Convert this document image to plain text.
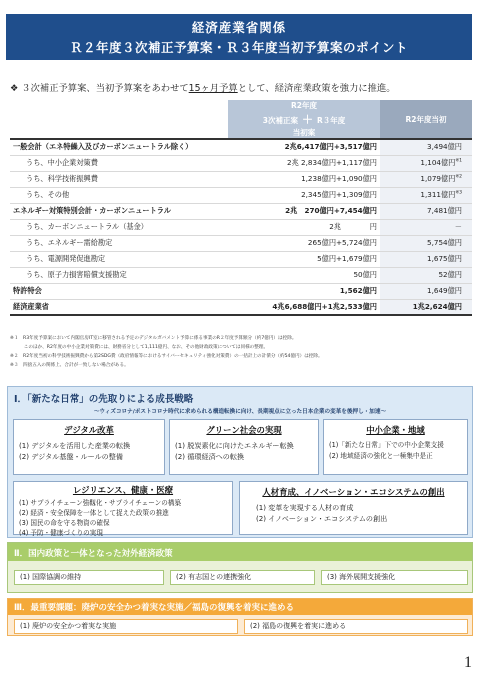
経済産業省関係
Ｒ２年度３次補正予算案・Ｒ３年度当初予算案のポイント
❖ ３次補正予算案、当初予算案をあわせて15ヶ月予算として、経済産業政策を強力に推進。
	R2年度
3次補正案 ＋ R３年度
当初案	R2年度当初
一般会計（エネ特繰入及びカーボンニュートラル除く）	2兆6,417億円+3,517億円	3,494億円
うち、中小企業対策費	2兆 2,834億円+1,117億円	1,104億円$^{※1}$
うち、科学技術振興費	1,238億円+1,090億円	1,079億円$^{※2}$
うち、その他	2,345億円+1,309億円	1,311億円$^{※3}$
エネルギー対策特別会計・カーボンニュートラル	2兆　270億円+7,454億円	7,481億円
うち、カーボンニュートラル（基金）	2兆　　　　円	－
うち、エネルギー需給勘定	265億円+5,724億円	5,754億円
うち、電源開発促進勘定	5億円+1,679億円	1,675億円
うち、原子力損害賠償支援勘定	50億円	52億円
特許特会	1,562億円	1,649億円
経済産業省	4兆6,688億円+1兆2,533億円	1兆2,624億円
※１　R3年度予算案において内閣官房IT室に移管される予定のデジタルガバメント予算に係る事業のR２年度予算額分（約7億円）は控除。
　　　このほか、R2年度の中小企業対策費には、財務省分として1,111億円、なお、その他財政政策については同様の整理。
※２　R2年度当初の科学技術振興費から第2SDG費（政府情報等におけるサイバーセキュリティ強化対策費）の一括計上の計債分（約54億円）は控除。
※３　四捨五入の関係上、合計が一致しない場合がある。
Ⅰ．「新たな日常」の先取りによる成長戦略
～ウィズコロナ/ポストコロナ時代に求められる構造転換に向け、長期視点に立った日本企業の変革を後押し・加速～
デジタル改革
(1) デジタルを活用した産業の転換
(2) デジタル基盤・ルールの整備
グリーン社会の実現
(1) 脱炭素化に向けたエネルギー転換
(2) 循環経済への転換
中小企業・地域
(1)「新たな日常」下での中小企業支援
(2) 地域経済の強化と一極集中是正
レジリエンス、健康・医療
(1) サプライチェーン強靱化・サプライチェーンの構築
(2) 経済・安全保障を一体として捉えた政策の推進
(3) 国民の命を守る物資の確保
(4) 予防・健康づくりの実現
人材育成、イノベーション・エコシステムの創出
(1) 変革を実現する人材の育成
(2) イノベーション・エコシステムの創出
Ⅱ．国内政策と一体となった対外経済政策
(1) 国際協調の維持	(2) 有志国との連携強化	(3) 海外展開支援強化
Ⅲ．最重要課題：廃炉の安全かつ着実な実施／福島の復興を着実に進める
(1) 廃炉の安全かつ着実な実施	(2) 福島の復興を着実に進める
1
